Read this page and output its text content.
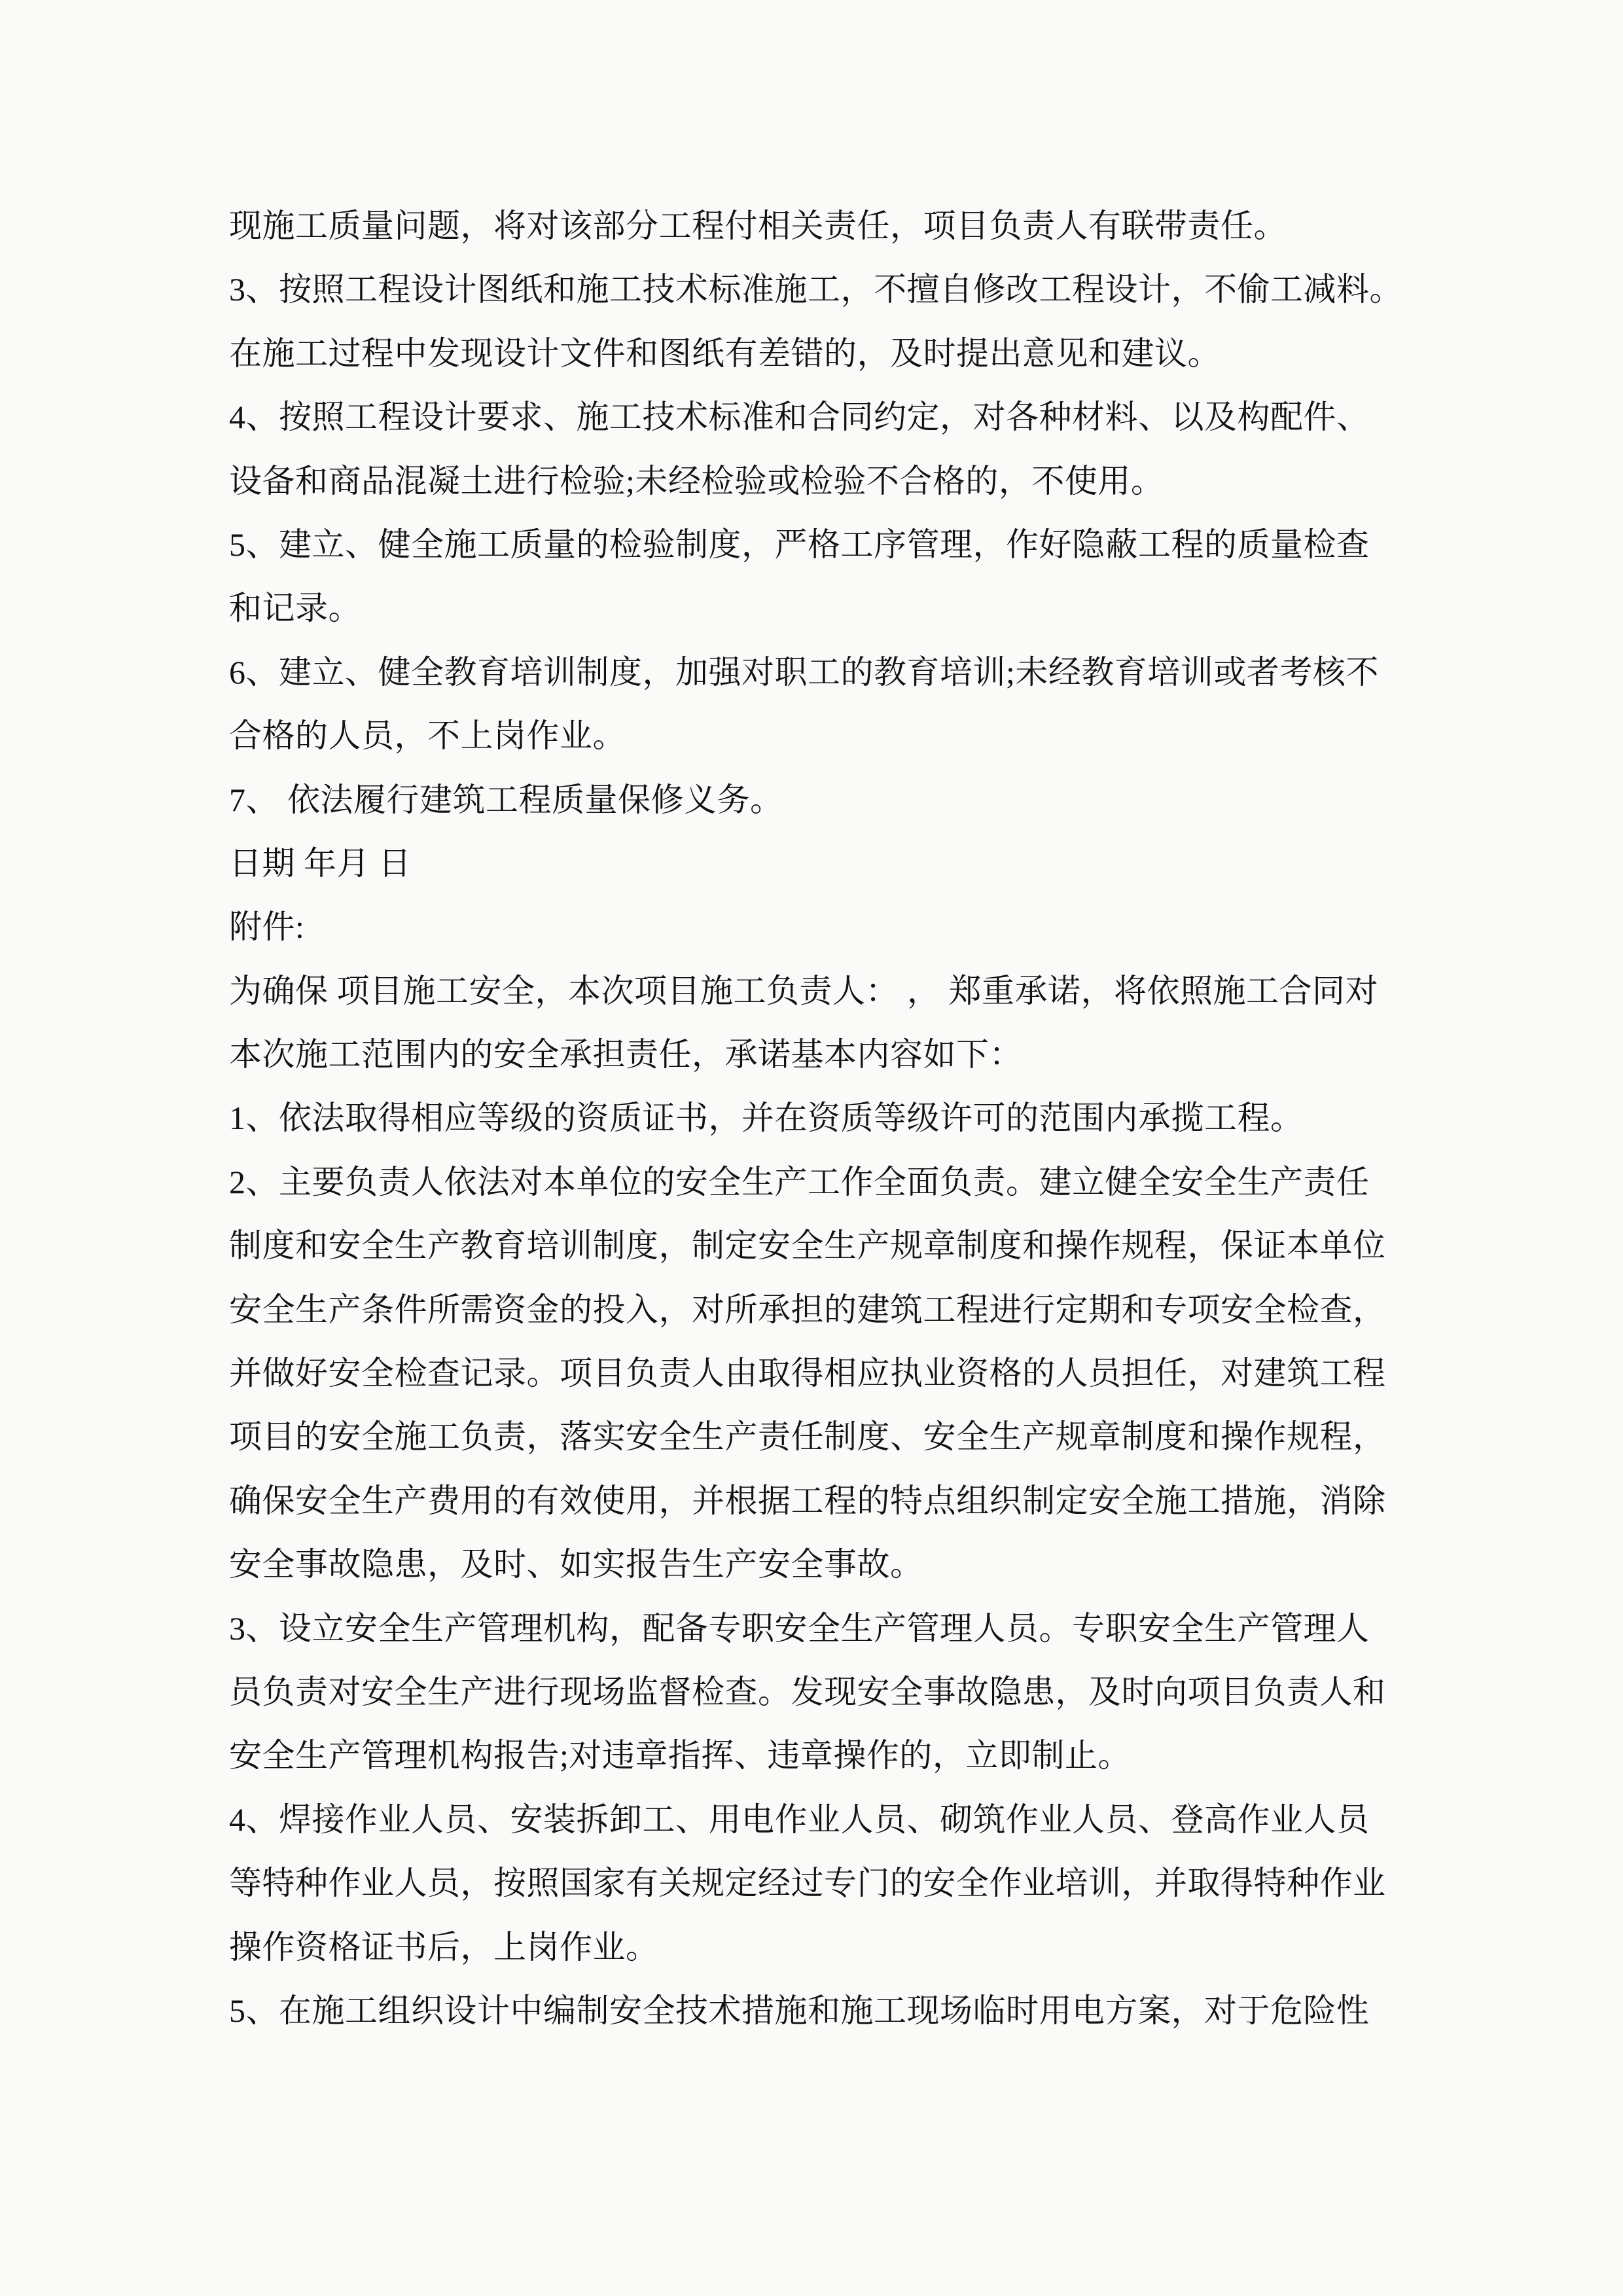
现施工质量问题，将对该部分工程付相关责任，项目负责人有联带责任。
3、按照工程设计图纸和施工技术标准施工，不擅自修改工程设计，不偷工减料。
在施工过程中发现设计文件和图纸有差错的，及时提出意见和建议。
4、按照工程设计要求、施工技术标准和合同约定，对各种材料、以及构配件、
设备和商品混凝土进行检验;未经检验或检验不合格的，不使用。
5、建立、健全施工质量的检验制度，严格工序管理，作好隐蔽工程的质量检查
和记录。
6、建立、健全教育培训制度，加强对职工的教育培训;未经教育培训或者考核不
合格的人员，不上岗作业。
7、 依法履行建筑工程质量保修义务。
日期 年月 日
附件:
为确保 项目施工安全，本次项目施工负责人： ， 郑重承诺，将依照施工合同对
本次施工范围内的安全承担责任，承诺基本内容如下：
1、依法取得相应等级的资质证书，并在资质等级许可的范围内承揽工程。
2、主要负责人依法对本单位的安全生产工作全面负责。建立健全安全生产责任
制度和安全生产教育培训制度，制定安全生产规章制度和操作规程，保证本单位
安全生产条件所需资金的投入，对所承担的建筑工程进行定期和专项安全检查，
并做好安全检查记录。项目负责人由取得相应执业资格的人员担任，对建筑工程
项目的安全施工负责，落实安全生产责任制度、安全生产规章制度和操作规程，
确保安全生产费用的有效使用，并根据工程的特点组织制定安全施工措施，消除
安全事故隐患，及时、如实报告生产安全事故。
3、设立安全生产管理机构，配备专职安全生产管理人员。专职安全生产管理人
员负责对安全生产进行现场监督检查。发现安全事故隐患，及时向项目负责人和
安全生产管理机构报告;对违章指挥、违章操作的，立即制止。
4、焊接作业人员、安装拆卸工、用电作业人员、砌筑作业人员、登高作业人员
等特种作业人员，按照国家有关规定经过专门的安全作业培训，并取得特种作业
操作资格证书后，上岗作业。
5、在施工组织设计中编制安全技术措施和施工现场临时用电方案，对于危险性
